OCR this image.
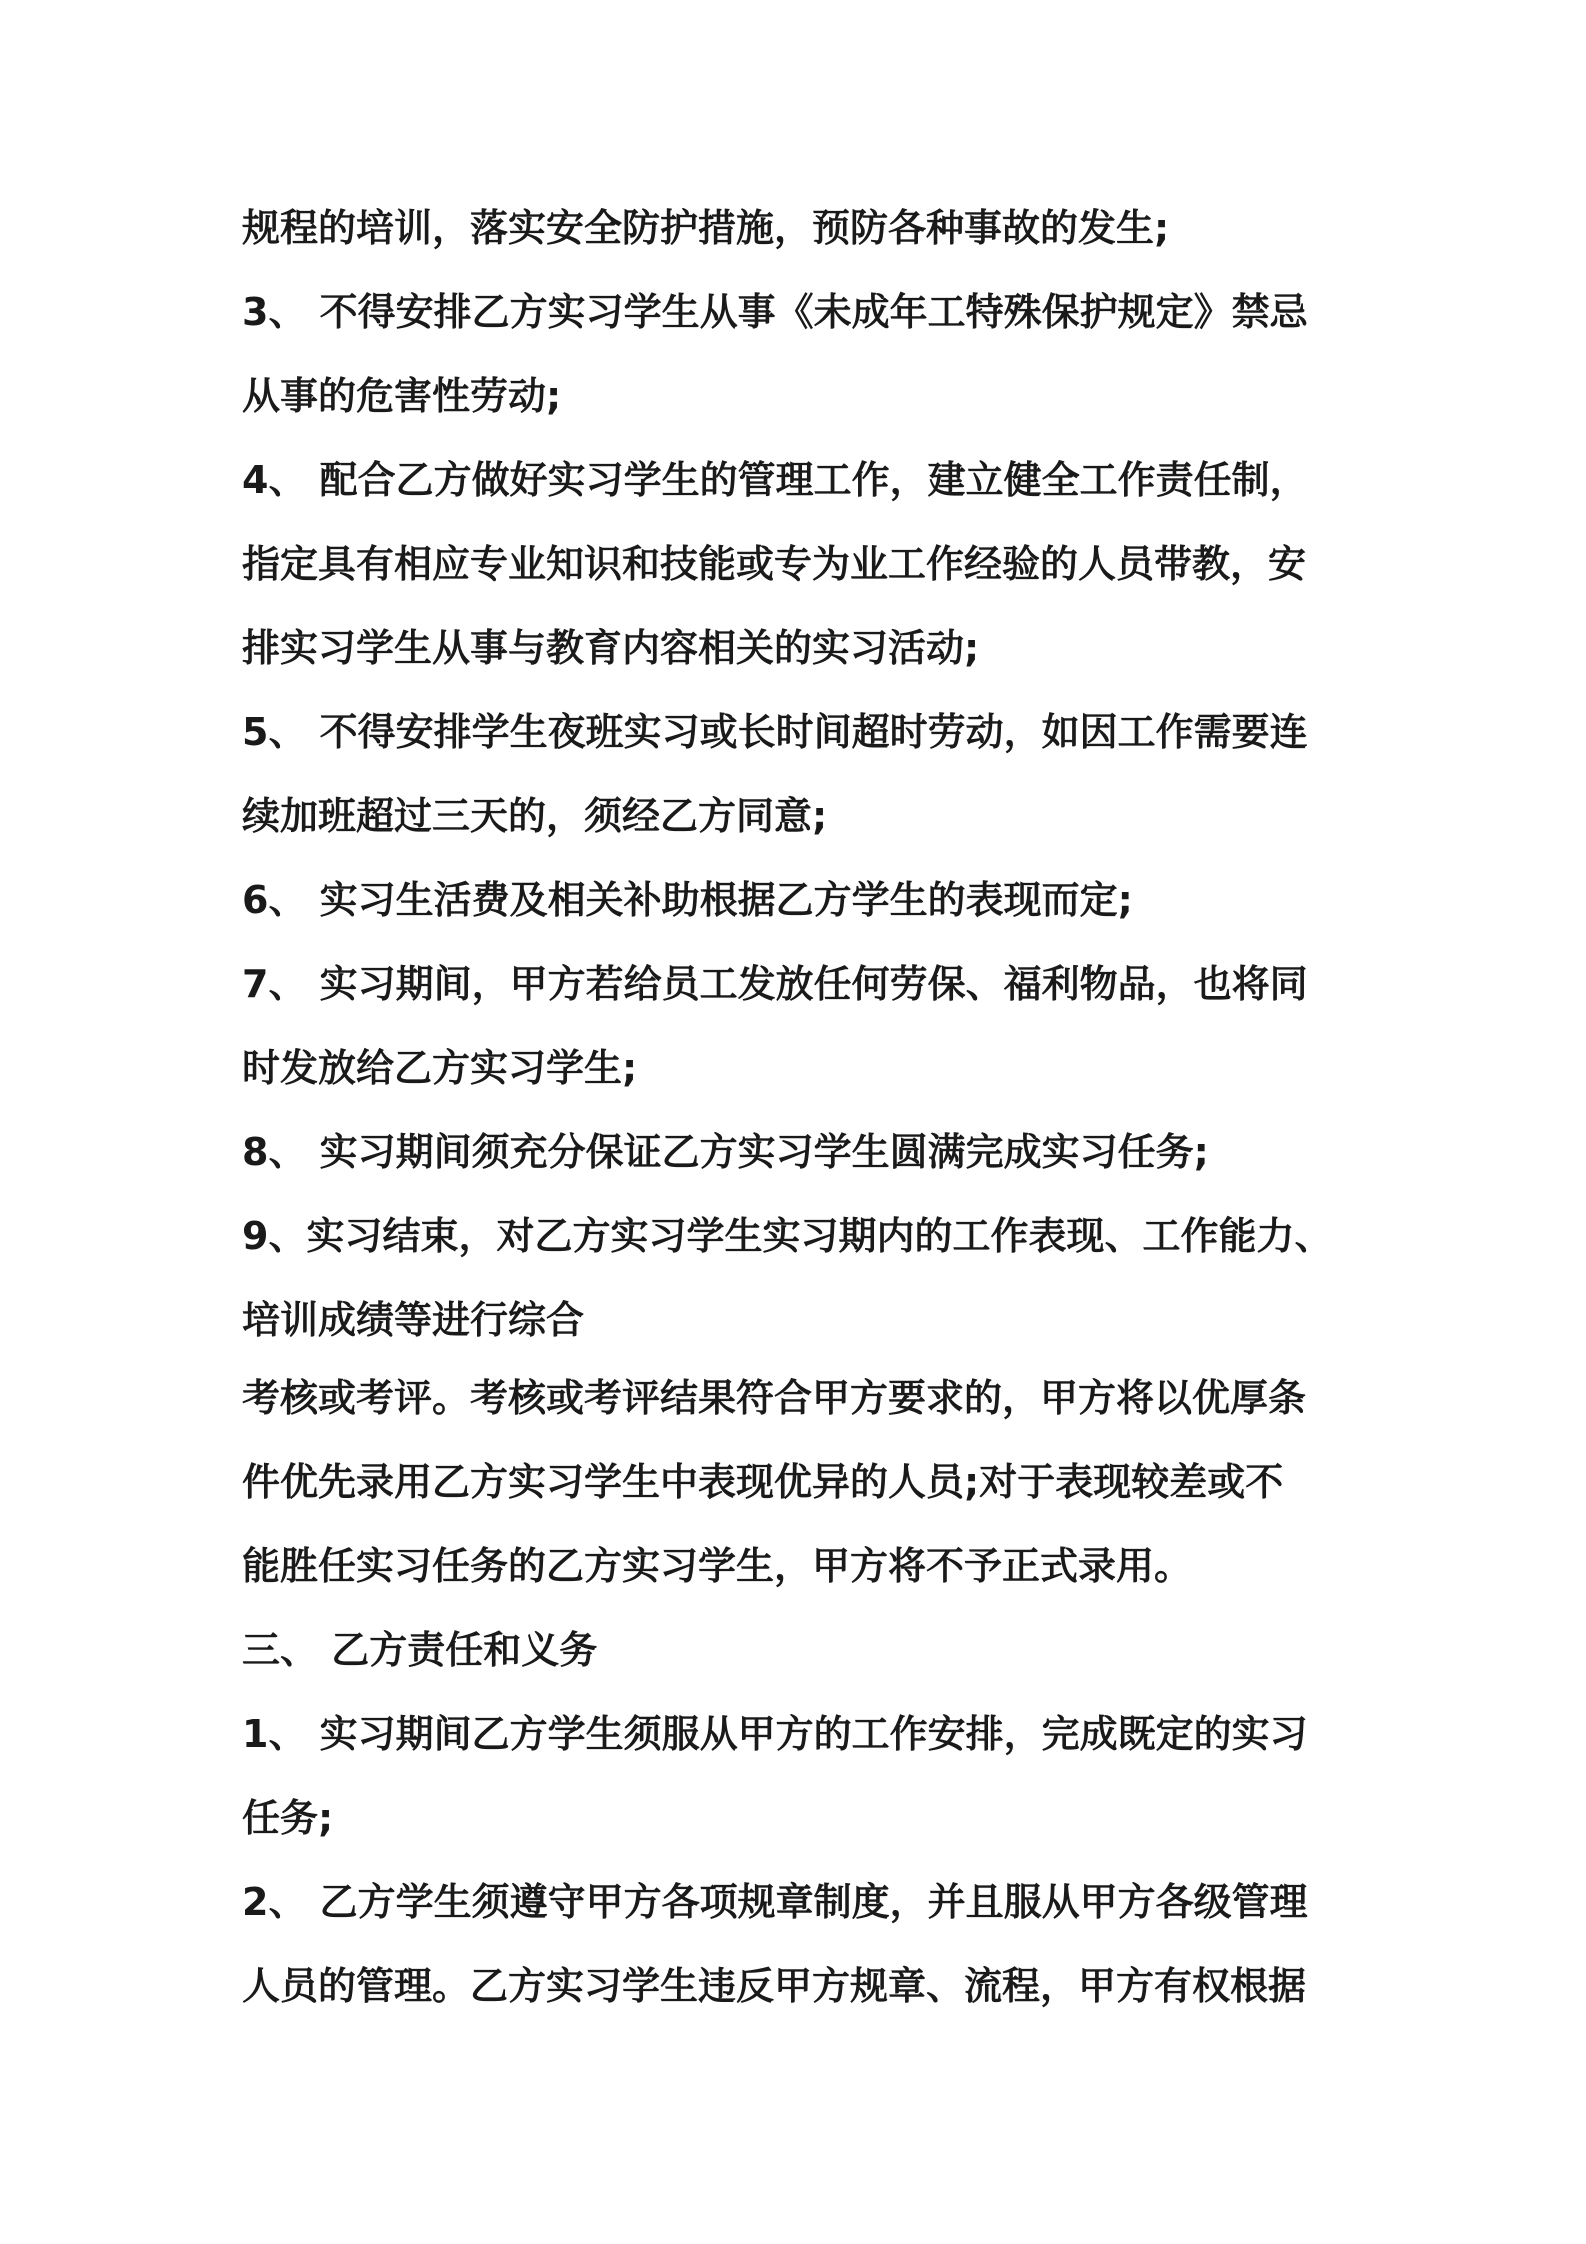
规程的培训，落实安全防护措施，预防各种事故的发生;
3、 不得安排乙方实习学生从事《未成年工特殊保护规定》禁忌
从事的危害性劳动;
4、 配合乙方做好实习学生的管理工作，建立健全工作责任制，
指定具有相应专业知识和技能或专为业工作经验的人员带教，安
排实习学生从事与教育内容相关的实习活动;
5、 不得安排学生夜班实习或长时间超时劳动，如因工作需要连
续加班超过三天的，须经乙方同意;
6、 实习生活费及相关补助根据乙方学生的表现而定;
7、 实习期间，甲方若给员工发放任何劳保、福利物品，也将同
时发放给乙方实习学生;
8、 实习期间须充分保证乙方实习学生圆满完成实习任务;
9、实习结束，对乙方实习学生实习期内的工作表现、工作能力、
培训成绩等进行综合
考核或考评。考核或考评结果符合甲方要求的，甲方将以优厚条
件优先录用乙方实习学生中表现优异的人员;对于表现较差或不
能胜任实习任务的乙方实习学生，甲方将不予正式录用。
三、 乙方责任和义务
1、 实习期间乙方学生须服从甲方的工作安排，完成既定的实习
任务;
2、 乙方学生须遵守甲方各项规章制度，并且服从甲方各级管理
人员的管理。乙方实习学生违反甲方规章、流程，甲方有权根据
